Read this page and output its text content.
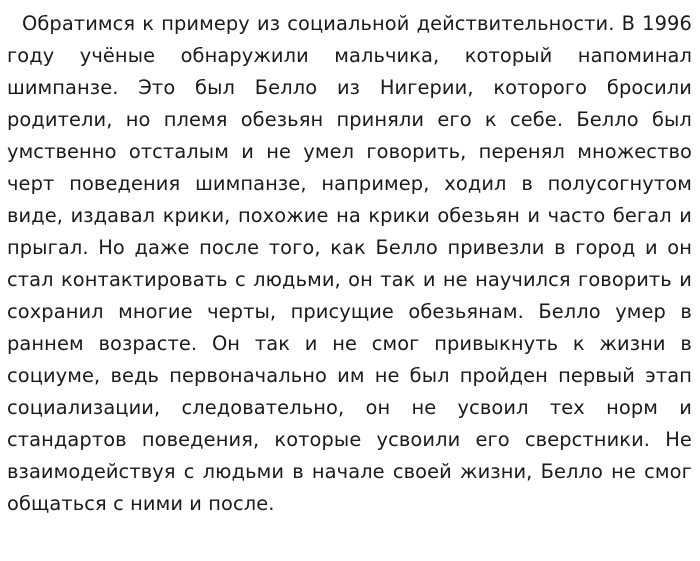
Обратимся к примеру из социальной действительности. В 1996
году учёные обнаружили мальчика, который напоминал
шимпанзе. Это был Белло из Нигерии, которого бросили
родители, но племя обезьян приняли его к себе. Белло был
умственно отсталым и не умел говорить, перенял множество
черт поведения шимпанзе, например, ходил в полусогнутом
виде, издавал крики, похожие на крики обезьян и часто бегал и
прыгал. Но даже после того, как Белло привезли в город и он
стал контактировать с людьми, он так и не научился говорить и
сохранил многие черты, присущие обезьянам. Белло умер в
раннем возрасте. Он так и не смог привыкнуть к жизни в
социуме, ведь первоначально им не был пройден первый этап
социализации, следовательно, он не усвоил тех норм и
стандартов поведения, которые усвоили его сверстники. Не
взаимодействуя с людьми в начале своей жизни, Белло не смог
общаться с ними и после.
